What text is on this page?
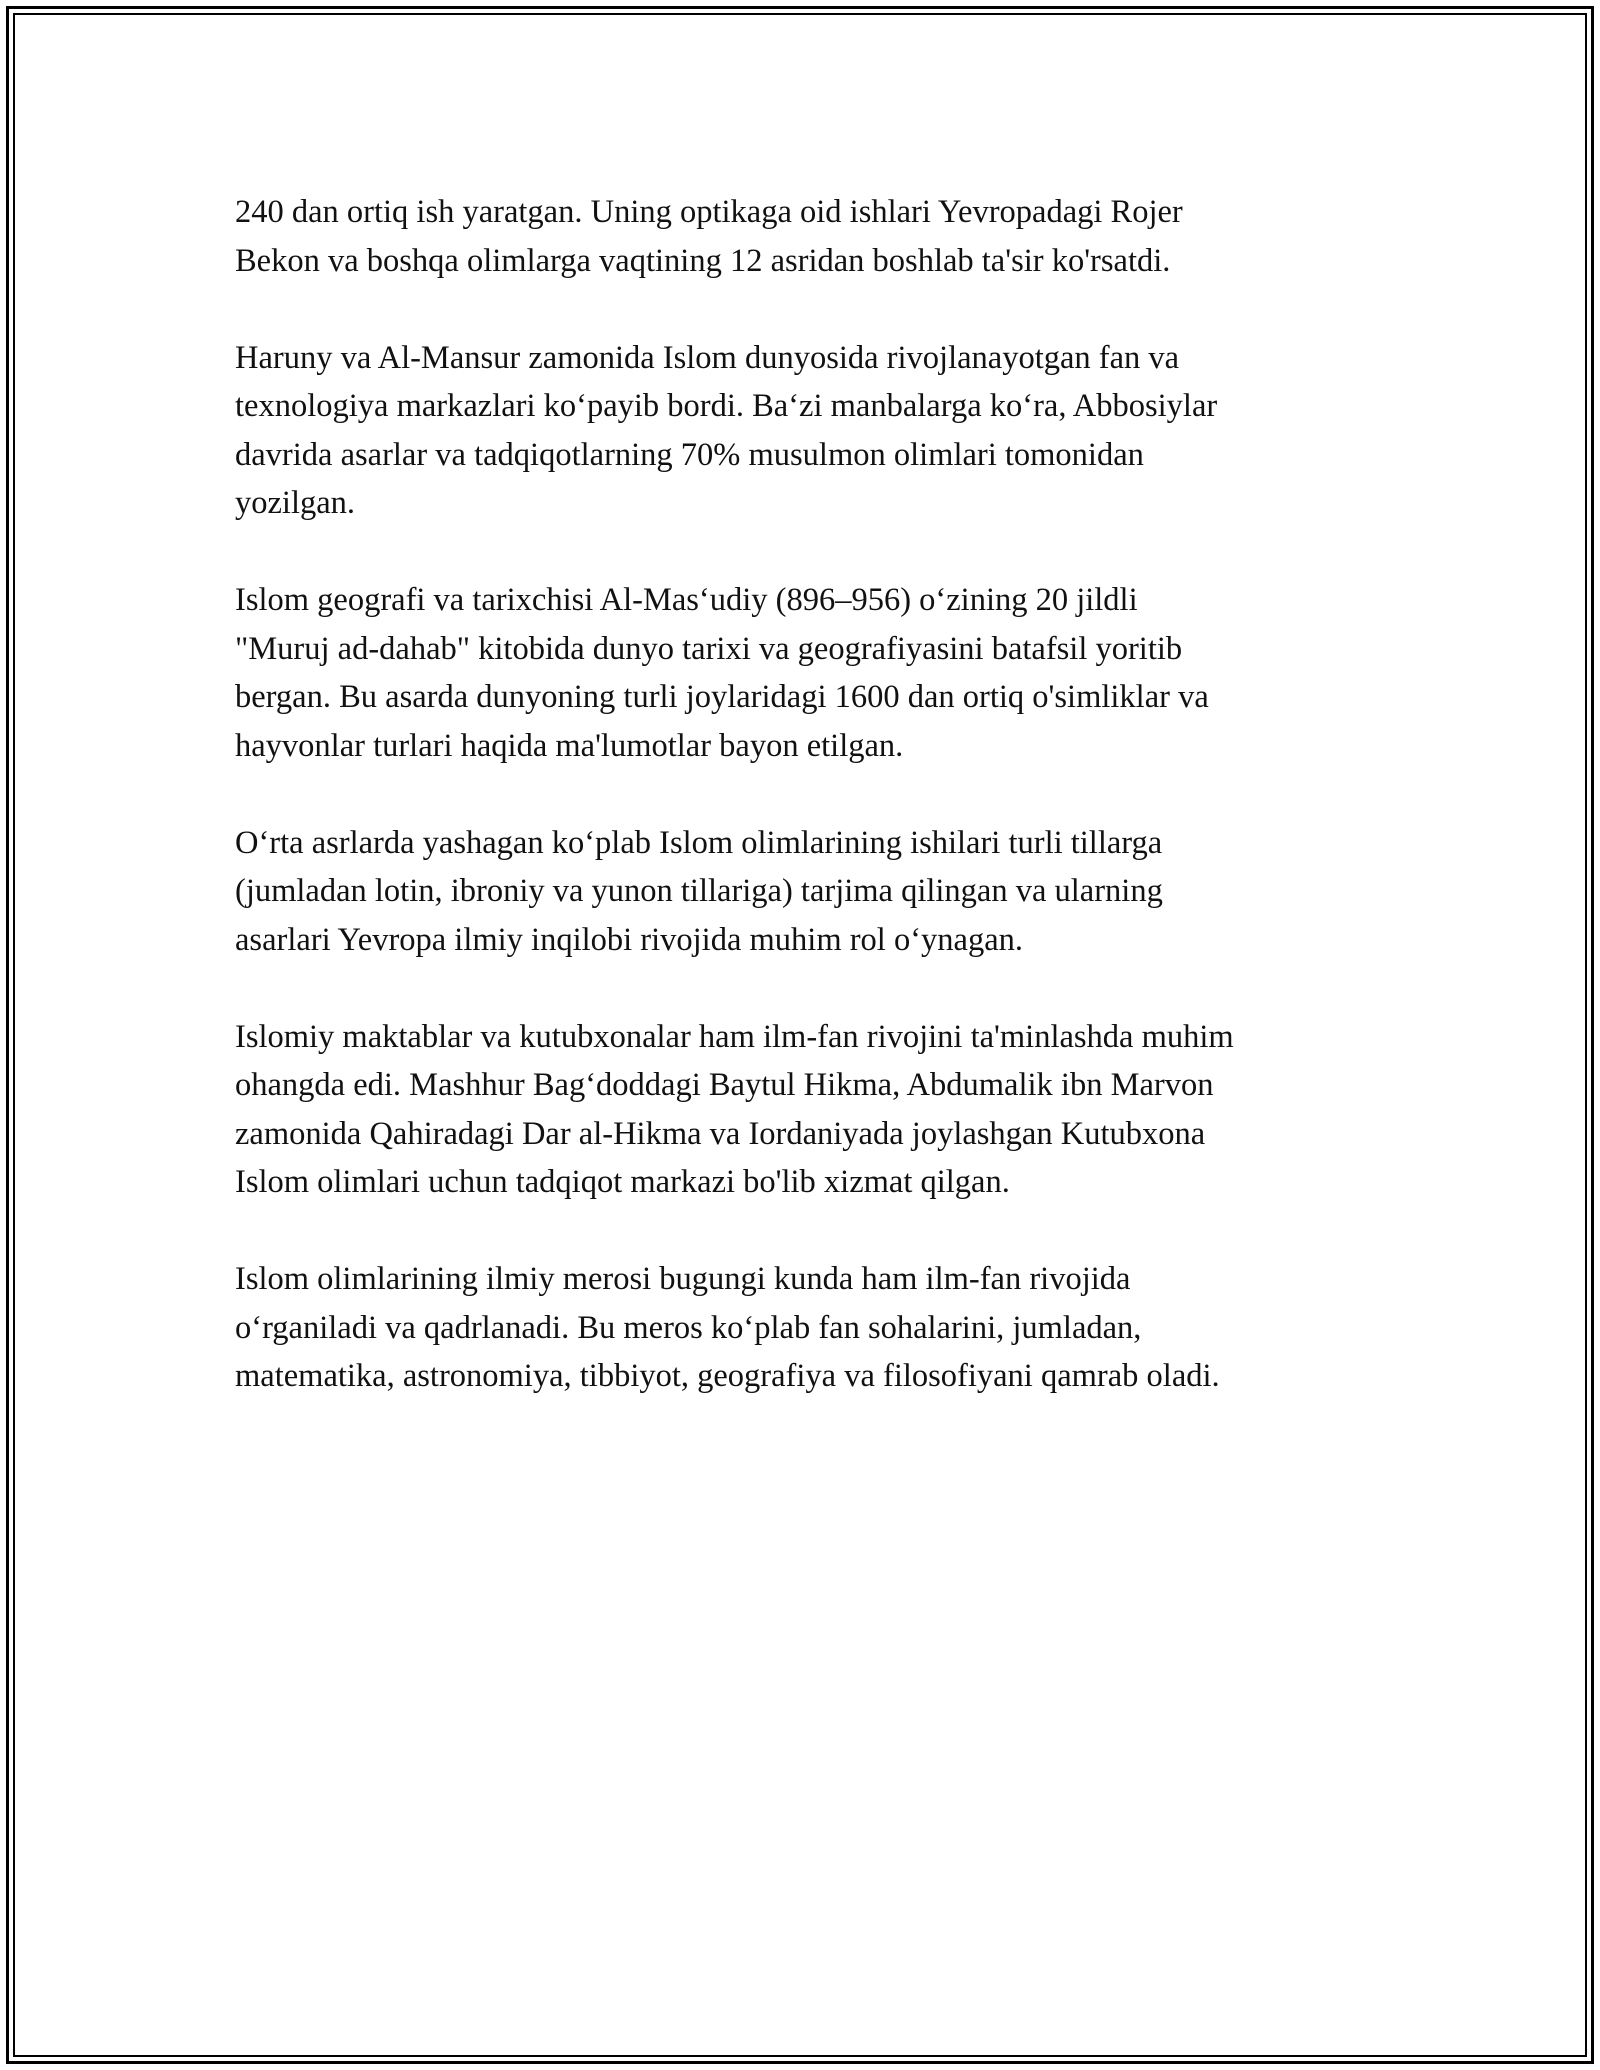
240 dan ortiq ish yaratgan. Uning optikaga oid ishlari Yevropadagi Rojer
Bekon va boshqa olimlarga vaqtining 12 asridan boshlab ta'sir ko'rsatdi.

Haruny va Al-Mansur zamonida Islom dunyosida rivojlanayotgan fan va
texnologiya markazlari ko‘payib bordi. Ba‘zi manbalarga ko‘ra, Abbosiylar
davrida asarlar va tadqiqotlarning 70% musulmon olimlari tomonidan
yozilgan.

Islom geografi va tarixchisi Al-Mas‘udiy (896–956) o‘zining 20 jildli
"Muruj ad-dahab" kitobida dunyo tarixi va geografiyasini batafsil yoritib
bergan. Bu asarda dunyoning turli joylaridagi 1600 dan ortiq o'simliklar va
hayvonlar turlari haqida ma'lumotlar bayon etilgan.

O‘rta asrlarda yashagan ko‘plab Islom olimlarining ishilari turli tillarga
(jumladan lotin, ibroniy va yunon tillariga) tarjima qilingan va ularning
asarlari Yevropa ilmiy inqilobi rivojida muhim rol o‘ynagan.

Islomiy maktablar va kutubxonalar ham ilm-fan rivojini ta'minlashda muhim
ohangda edi. Mashhur Bag‘doddagi Baytul Hikma, Abdumalik ibn Marvon
zamonida Qahiradagi Dar al-Hikma va Iordaniyada joylashgan Kutubxona
Islom olimlari uchun tadqiqot markazi bo'lib xizmat qilgan.

Islom olimlarining ilmiy merosi bugungi kunda ham ilm-fan rivojida
o‘rganiladi va qadrlanadi. Bu meros ko‘plab fan sohalarini, jumladan,
matematika, astronomiya, tibbiyot, geografiya va filosofiyani qamrab oladi.
